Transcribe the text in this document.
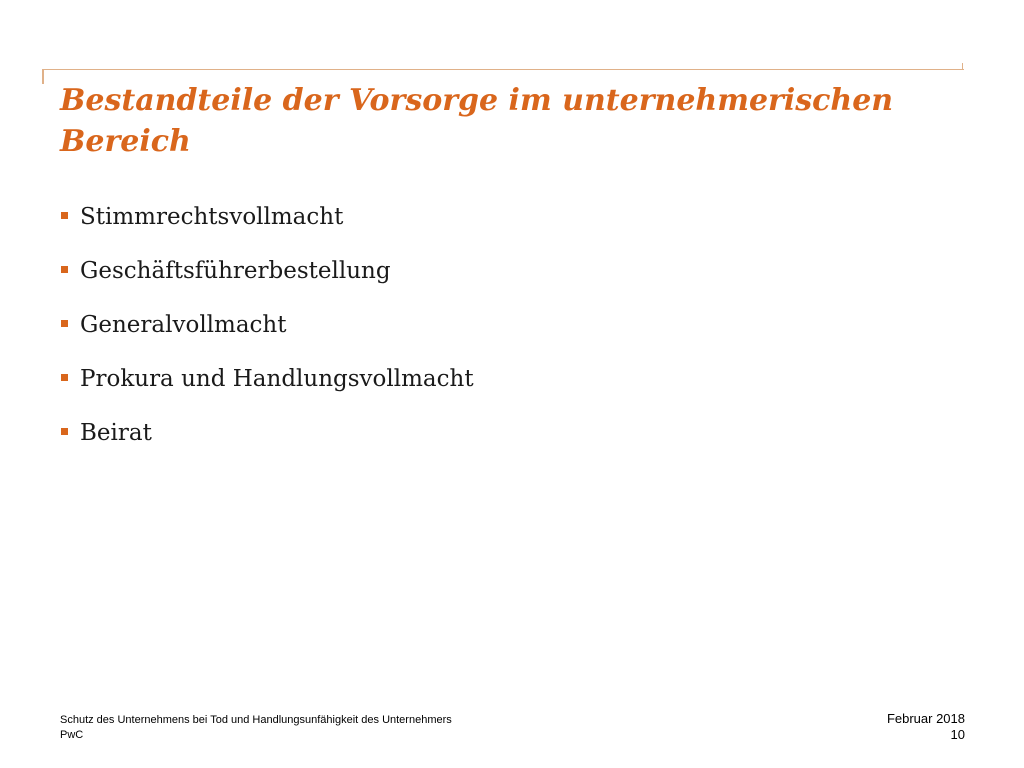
Bestandteile der Vorsorge im unternehmerischen Bereich
Stimmrechtsvollmacht
Geschäftsführerbestellung
Generalvollmacht
Prokura und Handlungsvollmacht
Beirat
Schutz des Unternehmens bei Tod und Handlungsunfähigkeit des Unternehmers
PwC
Februar 2018
10
